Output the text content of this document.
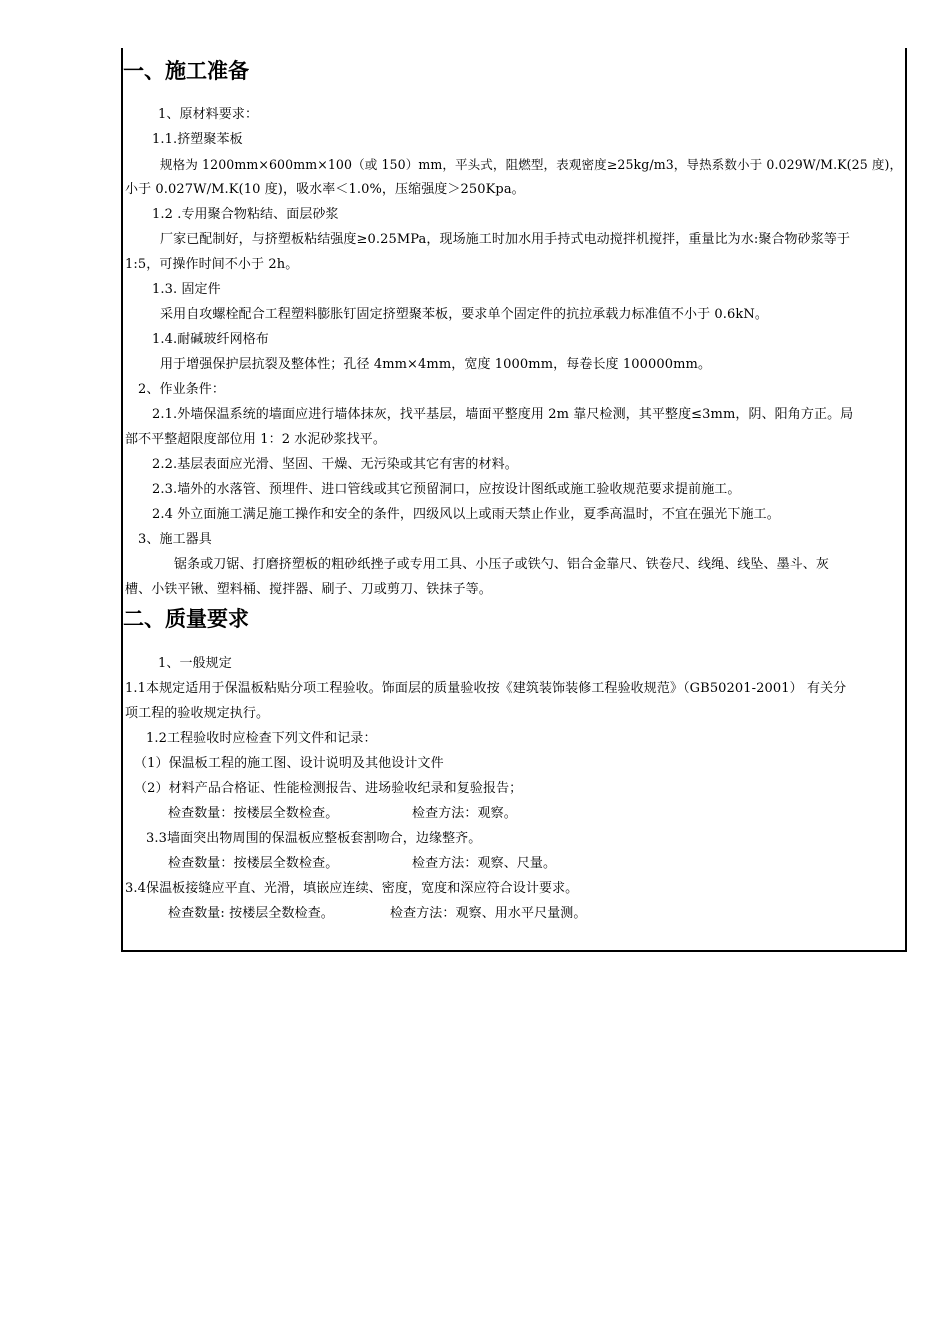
一、施工准备
1、原材料要求：
1.1.挤塑聚苯板
规格为 1200mm×600mm×100（或 150）mm，平头式，阻燃型，表观密度≥25kg/m3，导热系数小于 0.029W/M.K(25 度)，
小于 0.027W/M.K(10 度)，吸水率＜1.0%，压缩强度＞250Kpa。
1.2 .专用聚合物粘结、面层砂浆
厂家已配制好，与挤塑板粘结强度≥0.25MPa，现场施工时加水用手持式电动搅拌机搅拌，重量比为水:聚合物砂浆等于
1:5，可操作时间不小于 2h。
1.3. 固定件
采用自攻螺栓配合工程塑料膨胀钉固定挤塑聚苯板，要求单个固定件的抗拉承载力标准值不小于 0.6kN。
1.4.耐碱玻纤网格布
用于增强保护层抗裂及整体性；孔径 4mm×4mm，宽度 1000mm，每卷长度 100000mm。
2、作业条件：
2.1.外墙保温系统的墙面应进行墙体抹灰，找平基层，墙面平整度用 2m 靠尺检测，其平整度≤3mm，阴、阳角方正。局
部不平整超限度部位用 1：2 水泥砂浆找平。
2.2.基层表面应光滑、坚固、干燥、无污染或其它有害的材料。
2.3.墙外的水落管、预埋件、进口管线或其它预留洞口，应按设计图纸或施工验收规范要求提前施工。
2.4 外立面施工满足施工操作和安全的条件，四级风以上或雨天禁止作业，夏季高温时，不宜在强光下施工。
3、施工器具
锯条或刀锯、打磨挤塑板的粗砂纸挫子或专用工具、小压子或铁勺、铝合金靠尺、铁卷尺、线绳、线坠、墨斗、灰
槽、小铁平锹、塑料桶、搅拌器、刷子、刀或剪刀、铁抹子等。
二、质量要求
1、一般规定
1.1本规定适用于保温板粘贴分项工程验收。饰面层的质量验收按《建筑装饰装修工程验收规范》（GB50201-2001） 有关分
项工程的验收规定执行。
1.2工程验收时应检查下列文件和记录：
（1）保温板工程的施工图、设计说明及其他设计文件
（2）材料产品合格证、性能检测报告、进场验收纪录和复验报告；
检查数量：按楼层全数检查。	检查方法：观察。
3.3墙面突出物周围的保温板应整板套割吻合，边缘整齐。
检查数量：按楼层全数检查。	检查方法：观察、尺量。
3.4保温板接缝应平直、光滑，填嵌应连续、密度，宽度和深应符合设计要求。
检查数量: 按楼层全数检查。	检查方法：观察、用水平尺量测。
